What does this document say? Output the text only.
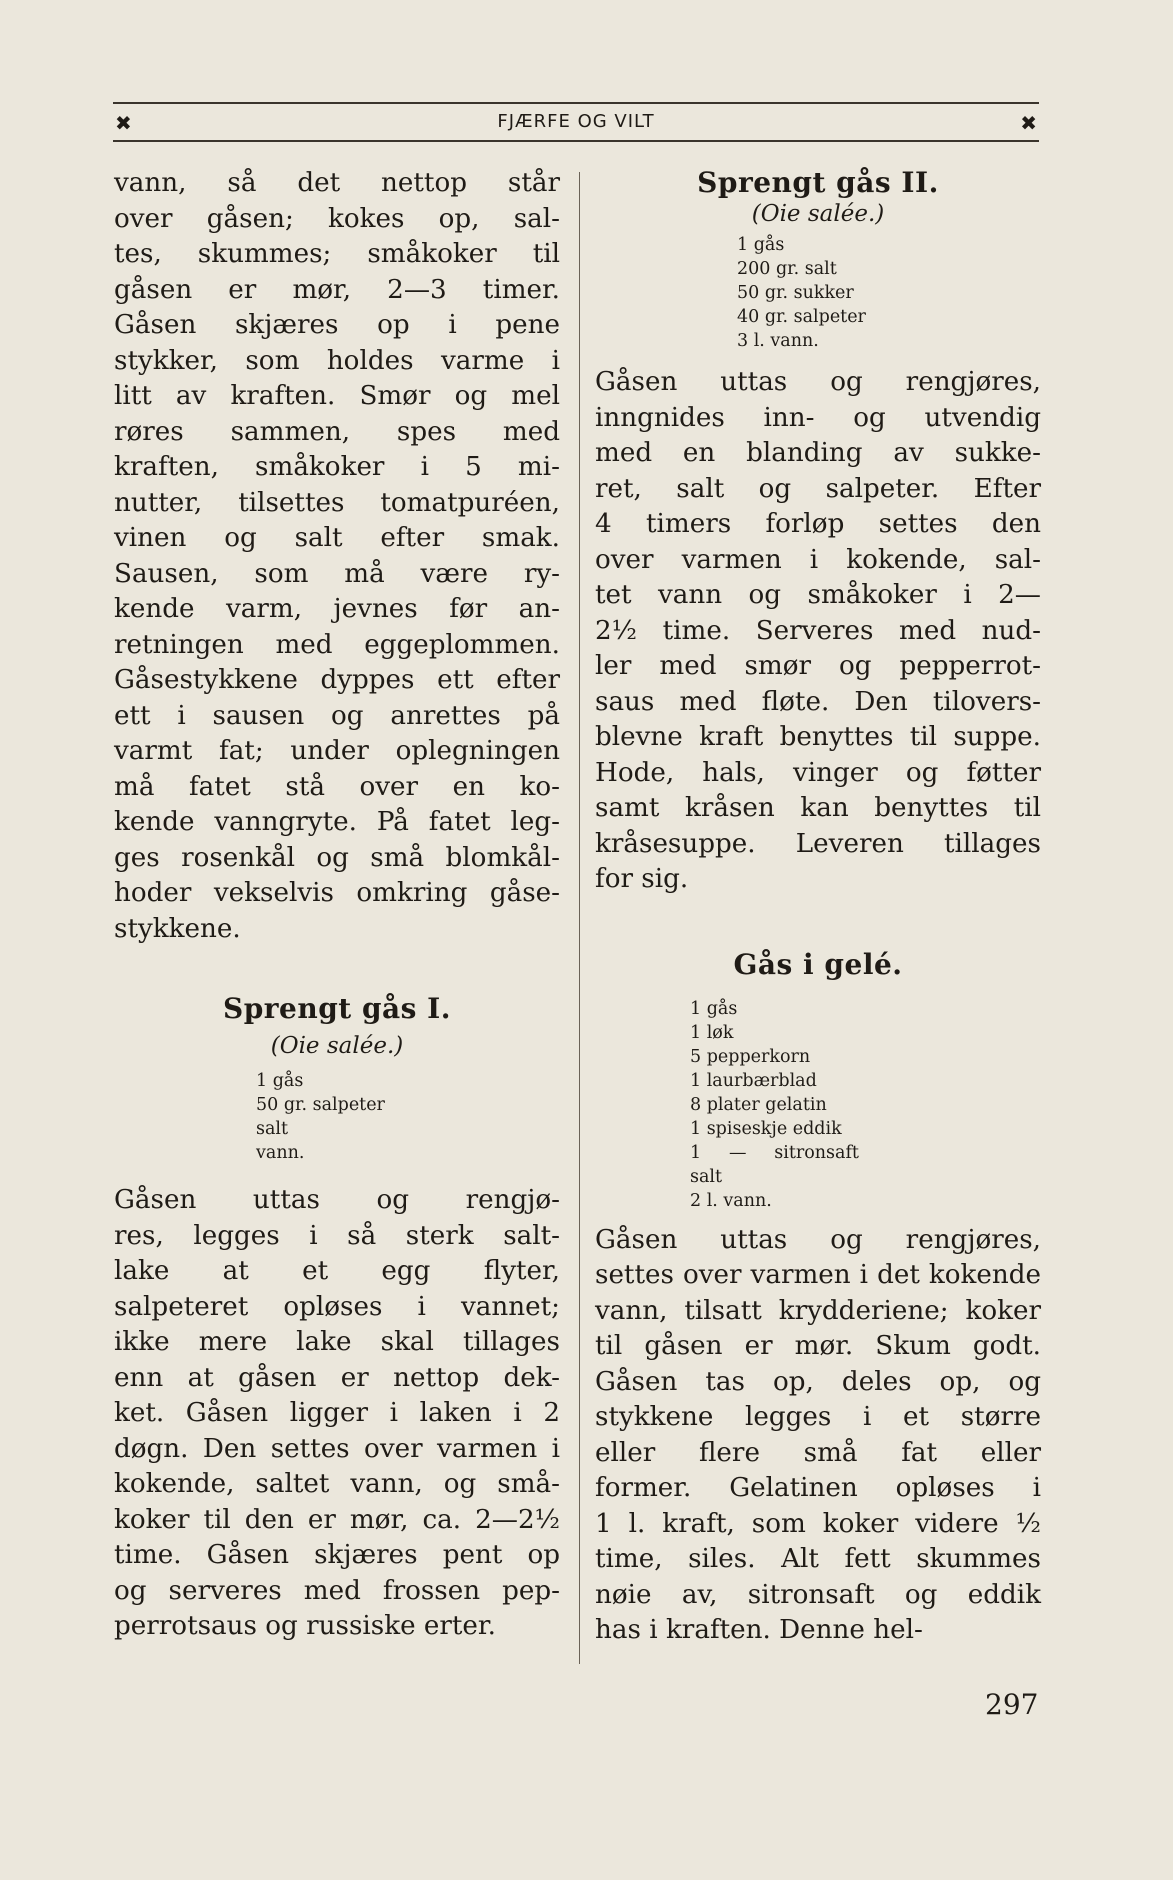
✖	FJÆRFE OG VILT	✖
vann, så det nettop står
over gåsen; kokes op, sal-
tes, skummes; småkoker til
gåsen er mør, 2—3 timer.
Gåsen skjæres op i pene
stykker, som holdes varme i
litt av kraften. Smør og mel
røres sammen, spes med
kraften, småkoker i 5 mi-
nutter, tilsettes tomatpuréen,
vinen og salt efter smak.
Sausen, som må være ry-
kende varm, jevnes før an-
retningen med eggeplommen.
Gåsestykkene dyppes ett efter
ett i sausen og anrettes på
varmt fat; under oplegningen
må fatet stå over en ko-
kende vanngryte. På fatet leg-
ges rosenkål og små blomkål-
hoder vekselvis omkring gåse-
stykkene.

Sprengt gås I.

(Oie salée.)

1 gås
50 gr. salpeter
salt
vann.
Gåsen uttas og rengjø-
res, legges i så sterk salt-
lake at et egg flyter,
salpeteret opløses i vannet;
ikke mere lake skal tillages
enn at gåsen er nettop dek-
ket. Gåsen ligger i laken i 2
døgn. Den settes over varmen i
kokende, saltet vann, og små-
koker til den er mør, ca. 2—2½
time. Gåsen skjæres pent op
og serveres med frossen pep-
perrotsaus og russiske erter.

Sprengt gås II.

(Oie salée.)

1 gås
200 gr. salt
50 gr. sukker
40 gr. salpeter
3 l. vann.
Gåsen uttas og rengjøres,
inngnides inn- og utvendig
med en blanding av sukke-
ret, salt og salpeter. Efter
4 timers forløp settes den
over varmen i kokende, sal-
tet vann og småkoker i 2—
2½ time. Serveres med nud-
ler med smør og pepperrot-
saus med fløte. Den tilovers-
blevne kraft benyttes til suppe.
Hode, hals, vinger og føtter
samt kråsen kan benyttes til
kråsesuppe. Leveren tillages
for sig.

Gås i gelé.

1 gås
1 løk
5 pepperkorn
1 laurbærblad
8 plater gelatin
1 spiseskje eddik
1     —     sitronsaft
salt
2 l. vann.
Gåsen uttas og rengjøres,
settes over varmen i det kokende
vann, tilsatt krydderiene; koker
til gåsen er mør. Skum godt.
Gåsen tas op, deles op, og
stykkene legges i et større
eller flere små fat eller
former. Gelatinen opløses i
1 l. kraft, som koker videre ½
time, siles. Alt fett skummes
nøie av, sitronsaft og eddik
has i kraften. Denne hel-
297
